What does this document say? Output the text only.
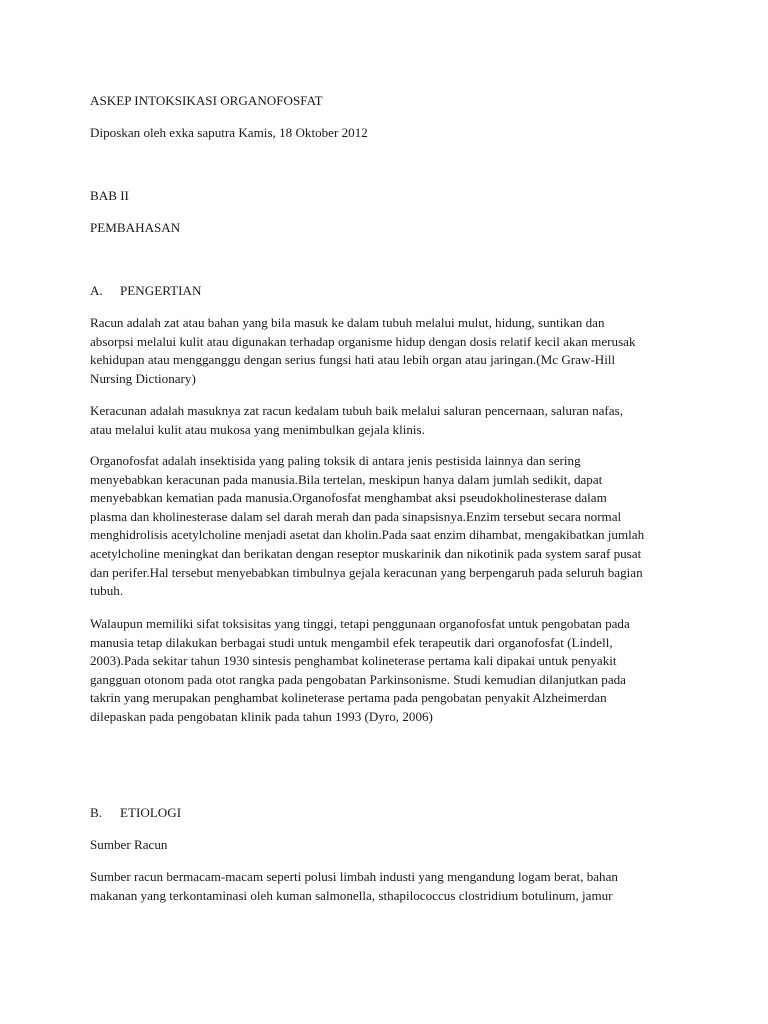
ASKEP INTOKSIKASI ORGANOFOSFAT

Diposkan oleh exka saputra Kamis, 18 Oktober 2012

BAB II

PEMBAHASAN

A. PENGERTIAN

Racun adalah zat atau bahan yang bila masuk ke dalam tubuh melalui mulut, hidung, suntikan dan
absorpsi melalui kulit atau digunakan terhadap organisme hidup dengan dosis relatif kecil akan merusak
kehidupan atau mengganggu dengan serius fungsi hati atau lebih organ atau jaringan.(Mc Graw-Hill
Nursing Dictionary)

Keracunan adalah masuknya zat racun kedalam tubuh baik melalui saluran pencernaan, saluran nafas,
atau melalui kulit atau mukosa yang menimbulkan gejala klinis.

Organofosfat adalah insektisida yang paling toksik di antara jenis pestisida lainnya dan sering
menyebabkan keracunan pada manusia.Bila tertelan, meskipun hanya dalam jumlah sedikit, dapat
menyebabkan kematian pada manusia.Organofosfat menghambat aksi pseudokholinesterase dalam
plasma dan kholinesterase dalam sel darah merah dan pada sinapsisnya.Enzim tersebut secara normal
menghidrolisis acetylcholine menjadi asetat dan kholin.Pada saat enzim dihambat, mengakibatkan jumlah
acetylcholine meningkat dan berikatan dengan reseptor muskarinik dan nikotinik pada system saraf pusat
dan perifer.Hal tersebut menyebabkan timbulnya gejala keracunan yang berpengaruh pada seluruh bagian
tubuh.

Walaupun memiliki sifat toksisitas yang tinggi, tetapi penggunaan organofosfat untuk pengobatan pada
manusia tetap dilakukan berbagai studi untuk mengambil efek terapeutik dari organofosfat (Lindell,
2003).Pada sekitar tahun 1930 sintesis penghambat kolineterase pertama kali dipakai untuk penyakit
gangguan otonom pada otot rangka pada pengobatan Parkinsonisme. Studi kemudian dilanjutkan pada
takrin yang merupakan penghambat kolineterase pertama pada pengobatan penyakit Alzheimerdan
dilepaskan pada pengobatan klinik pada tahun 1993 (Dyro, 2006)

B. ETIOLOGI

Sumber Racun

Sumber racun bermacam-macam seperti polusi limbah industi yang mengandung logam berat, bahan
makanan yang terkontaminasi oleh kuman salmonella, sthapilococcus clostridium botulinum, jamur
